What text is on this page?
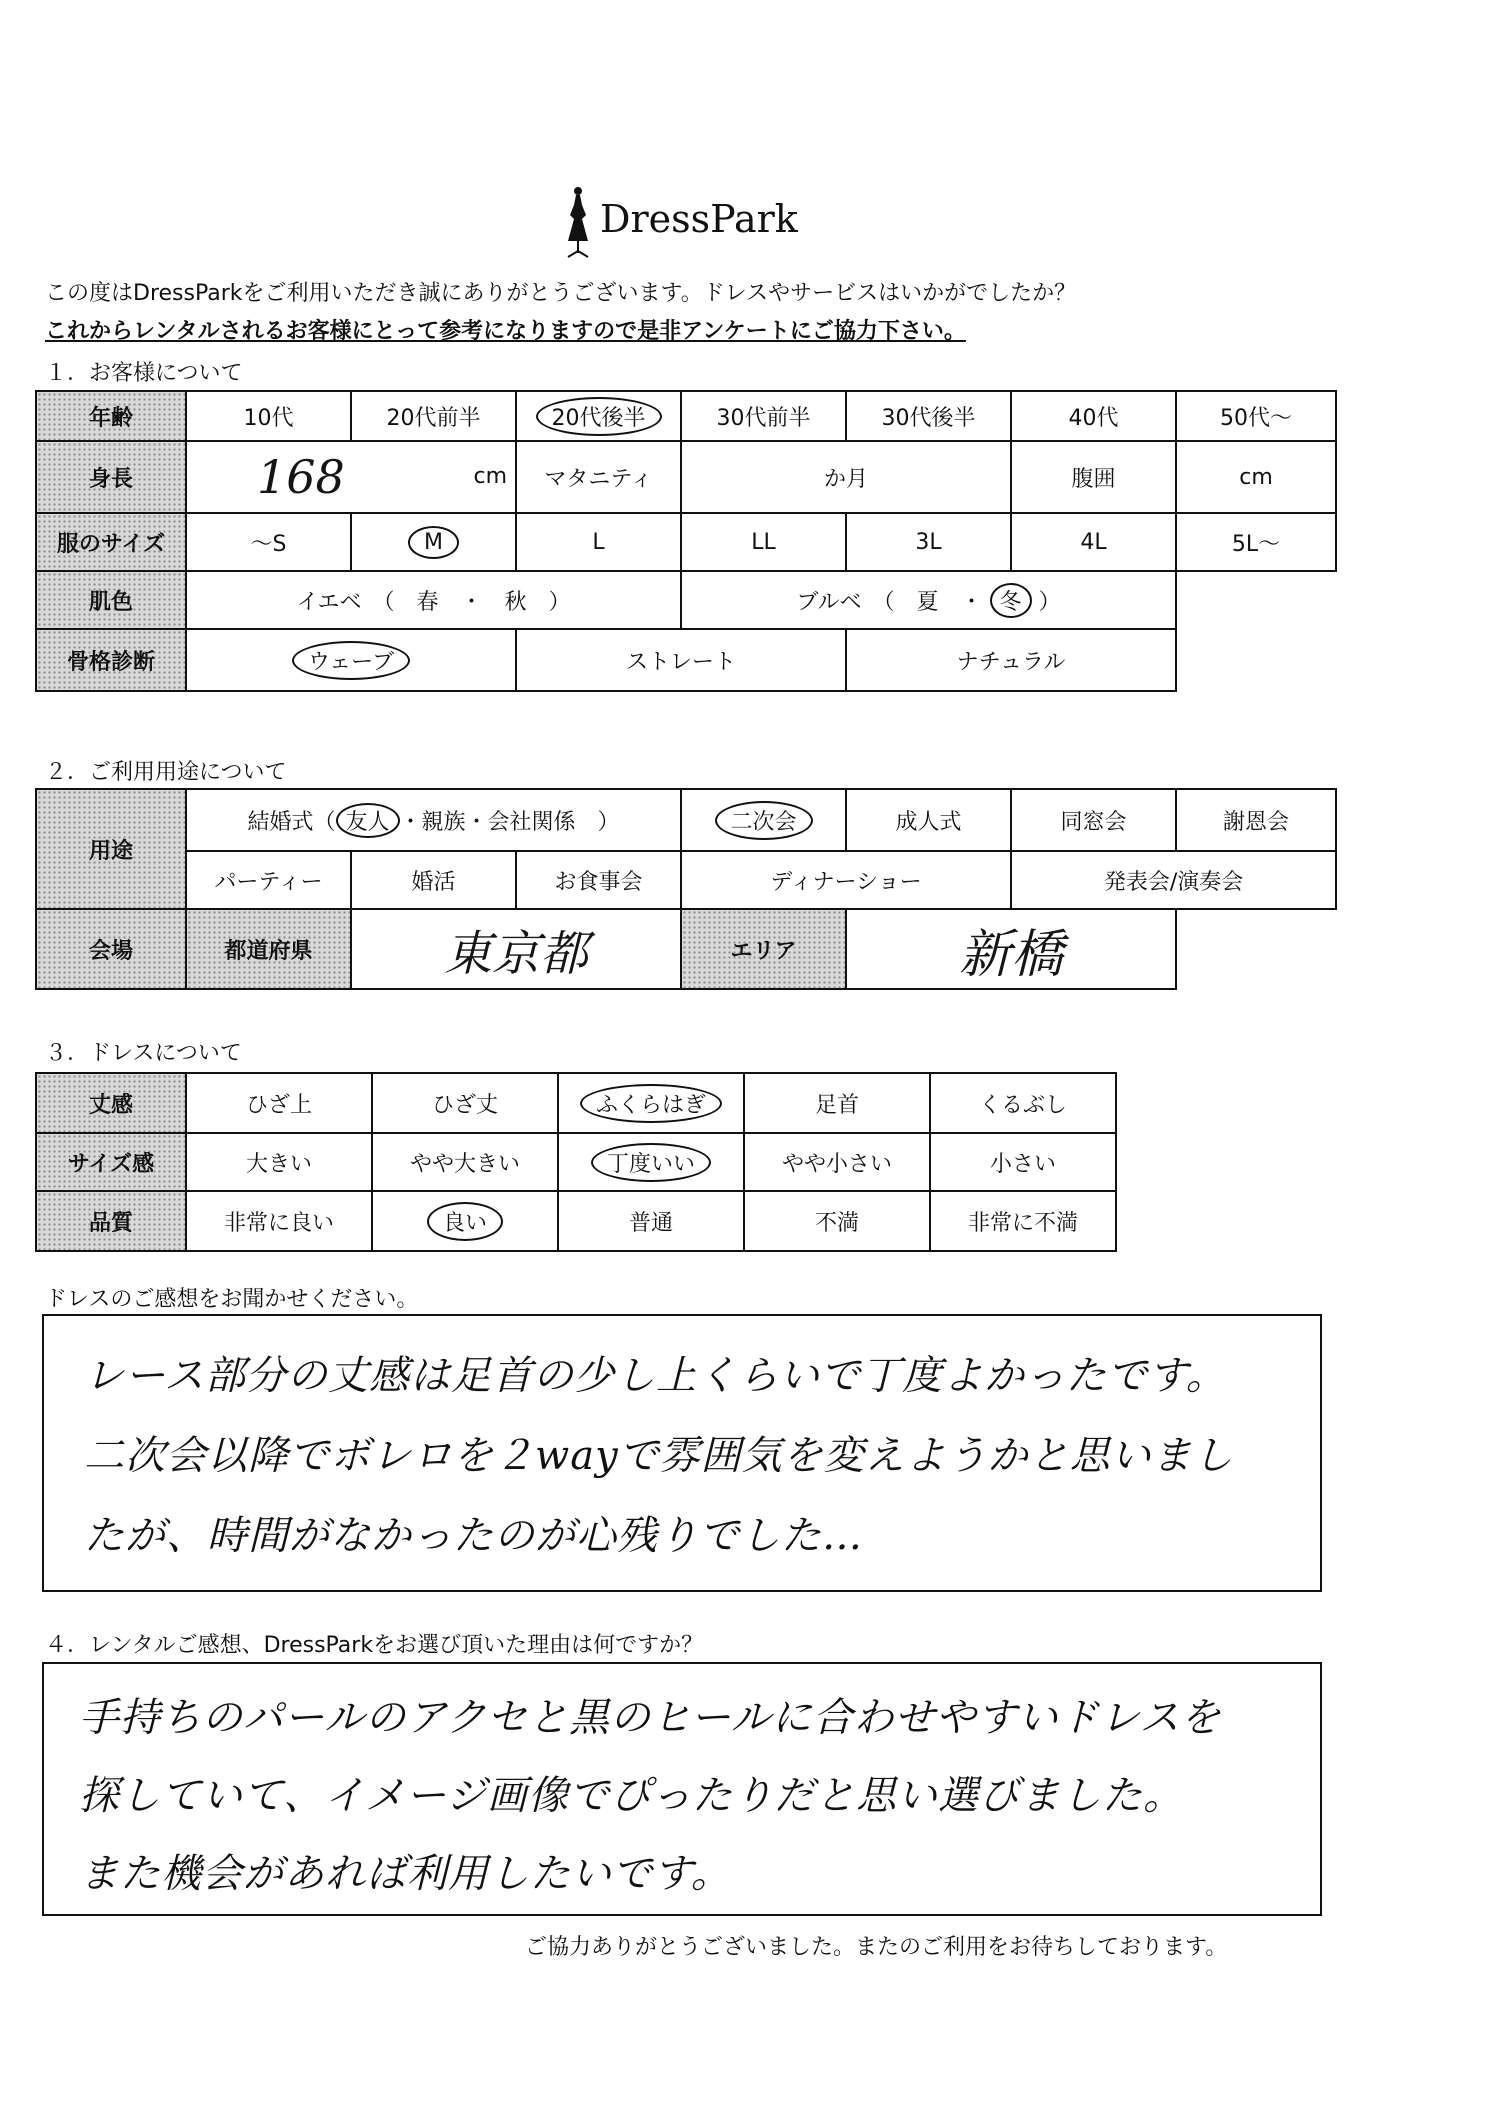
DressPark
この度はDressParkをご利用いただき誠にありがとうございます。ドレスやサービスはいかがでしたか？
これからレンタルされるお客様にとって参考になりますので是非アンケートにご協力下さい。
１．お客様について
年齢	10代	20代前半	20代後半	30代前半	30代後半	40代	50代〜
身長	168 cm		マタニティ	か月		腹囲	cm
服のサイズ	〜S	M	L	LL	3L	4L	5L〜
肌色	イエベ　（　春　・　秋　）			ブルベ　（　夏　・ 冬 ）			
骨格診断	ウェーブ		ストレート		ナチュラル		
２．ご利用用途について
用途	結婚式（ 友人 ・親族・会社関係　）			二次会	成人式	同窓会	謝恩会
	パーティー	婚活	お食事会	ディナーショー		発表会/演奏会	
会場	都道府県	東京都		エリア	新橋		
３．ドレスについて
丈感	ひざ上	ひざ丈	ふくらはぎ	足首	くるぶし
サイズ感	大きい	やや大きい	丁度いい	やや小さい	小さい
品質	非常に良い	良い	普通	不満	非常に不満
ドレスのご感想をお聞かせください。
レース部分の丈感は足首の少し上くらいで丁度よかったです。
二次会以降でボレロを２wayで雰囲気を変えようかと思いまし
たが、時間がなかったのが心残りでした…
４．レンタルご感想、DressParkをお選び頂いた理由は何ですか？
手持ちのパールのアクセと黒のヒールに合わせやすいドレスを
探していて、イメージ画像でぴったりだと思い選びました。
また機会があれば利用したいです。
ご協力ありがとうございました。またのご利用をお待ちしております。
